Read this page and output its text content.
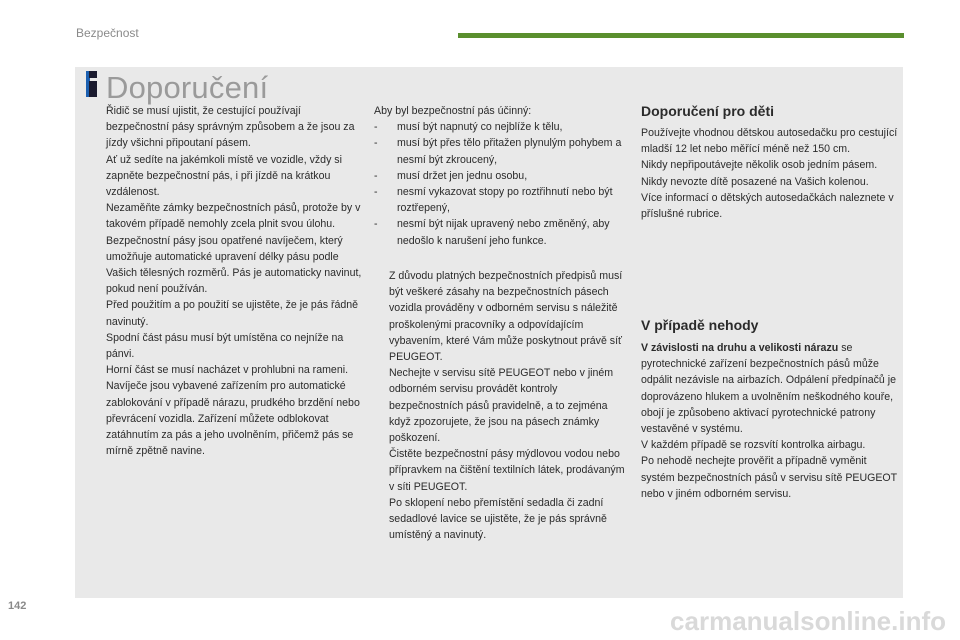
Bezpečnost
Doporučení

Řidič se musí ujistit, že cestující používají bezpečnostní pásy správným způsobem a že jsou za jízdy všichni připoutaní pásem.

Ať už sedíte na jakémkoli místě ve vozidle, vždy si zapněte bezpečnostní pás, i při jízdě na krátkou vzdálenost.

Nezaměňte zámky bezpečnostních pásů, protože by v takovém případě nemohly zcela plnit svou úlohu.

Bezpečnostní pásy jsou opatřené navíječem, který umožňuje automatické upravení délky pásu podle Vašich tělesných rozměrů. Pás je automaticky navinut, pokud není používán.

Před použitím a po použití se ujistěte, že je pás řádně navinutý.

Spodní část pásu musí být umístěna co nejníže na pánvi.

Horní část se musí nacházet v prohlubni na rameni.

Navíječe jsou vybavené zařízením pro automatické zablokování v případě nárazu, prudkého brzdění nebo převrácení vozidla. Zařízení můžete odblokovat zatáhnutím za pás a jeho uvolněním, přičemž pás se mírně zpětně navine.

Aby byl bezpečnostní pás účinný:

- musí být napnutý co nejblíže k tělu,
- musí být přes tělo přitažen plynulým pohybem a nesmí být zkroucený,
- musí držet jen jednu osobu,
- nesmí vykazovat stopy po roztřihnutí nebo být roztřepený,
- nesmí být nijak upravený nebo změněný, aby nedošlo k narušení jeho funkce.

Z důvodu platných bezpečnostních předpisů musí být veškeré zásahy na bezpečnostních pásech vozidla prováděny v odborném servisu s náležitě proškolenými pracovníky a odpovídajícím vybavením, které Vám může poskytnout právě síť PEUGEOT.

Nechejte v servisu sítě PEUGEOT nebo v jiném odborném servisu provádět kontroly bezpečnostních pásů pravidelně, a to zejména když zpozorujete, že jsou na pásech známky poškození.

Čistěte bezpečnostní pásy mýdlovou vodou nebo přípravkem na čištění textilních látek, prodávaným v síti PEUGEOT.

Po sklopení nebo přemístění sedadla či zadní sedadlové lavice se ujistěte, že je pás správně umístěný a navinutý.

Doporučení pro děti

Používejte vhodnou dětskou autosedačku pro cestující mladší 12 let nebo měřící méně než 150 cm.

Nikdy nepřipoutávejte několik osob jedním pásem.

Nikdy nevozte dítě posazené na Vašich kolenou.

Více informací o dětských autosedačkách naleznete v příslušné rubrice.

V případě nehody

V závislosti na druhu a velikosti nárazu se pyrotechnické zařízení bezpečnostních pásů může odpálit nezávisle na airbazích. Odpálení předpínačů je doprovázeno hlukem a uvolněním neškodného kouře, obojí je způsobeno aktivací pyrotechnické patrony vestavěné v systému.

V každém případě se rozsvítí kontrolka airbagu.

Po nehodě nechejte prověřit a případně vyměnit systém bezpečnostních pásů v servisu sítě PEUGEOT nebo v jiném odborném servisu.

142	carmanualsonline.info
